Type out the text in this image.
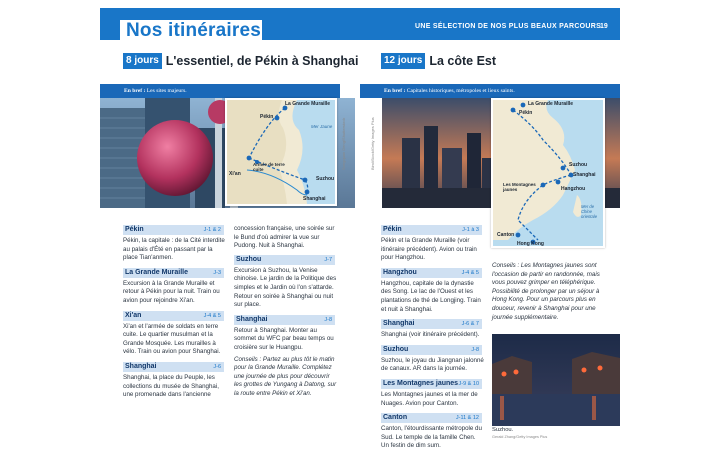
Nos itinéraires	UNE SÉLECTION DE NOS PLUS BEAUX PARCOURS
19
8 jours L'essentiel, de Pékin à Shanghai	12 jours La côte Est
En bref : Les sites majeurs.	En bref : Capitales historiques, métropoles et lieux saints.
La Grande Muraille
Pékin
Xi'an
Armée de terre cuite
Suzhou
Shanghai
Mer Jaune Songquan Deng/Shutterstock	Bim/iStock/Getty Images Plus
Pékin
La Grande Muraille
Suzhou
Shanghai
Hangzhou
Les Montagnes jaunes
Canton
Hong Kong
Mer de Chine orientale
Pékin	J-1 & 2
Pékin, la capitale : de la Cité interdite au palais d'Été en passant par la place Tian'anmen.
La Grande Muraille	J-3
Excursion à la Grande Muraille et retour à Pékin pour la nuit. Train ou avion pour rejoindre Xi'an.
Xi'an	J-4 & 5
Xi'an et l'armée de soldats en terre cuite. Le quartier musulman et la Grande Mosquée. Les murailles à vélo. Train ou avion pour Shanghai.
Shanghai	J-6
Shanghai, la place du Peuple, les collections du musée de Shanghai, une promenade dans l'ancienne
concession française, une soirée sur le Bund d'où admirer la vue sur Pudong. Nuit à Shanghai.
Suzhou	J-7
Excursion à Suzhou, la Venise chinoise. Le jardin de la Politique des simples et le Jardin où l'on s'attarde. Retour en soirée à Shanghai ou nuit sur place.
Shanghai	J-8
Retour à Shanghai. Monter au sommet du WFC par beau temps ou croisière sur le Huangpu.
Conseils : Partez au plus tôt le matin pour la Grande Muraille. Complétez une journée de plus pour découvrir les grottes de Yungang à Datong, sur la route entre Pékin et Xi'an.
Pékin	J-1 à 3
Pékin et la Grande Muraille (voir itinéraire précédent). Avion ou train pour Hangzhou.
Hangzhou	J-4 & 5
Hangzhou, capitale de la dynastie des Song. Le lac de l'Ouest et les plantations de thé de Longjing. Train et nuit à Shanghai.
Shanghai	J-6 & 7
Shanghai (voir itinéraire précédent).
Suzhou	J-8
Suzhou, le joyau du Jiangnan jalonné de canaux. AR dans la journée.
Les Montagnes jaunes J-9 & 10
Les Montagnes jaunes et la mer de Nuages. Avion pour Canton.
Canton	J-11 & 12
Canton, l'étourdissante métropole du Sud. Le temple de la famille Chen. Un festin de dim sum.
Conseils : Les Montagnes jaunes sont l'occasion de partir en randonnée, mais vous pouvez grimper en téléphérique. Possibilité de prolonger par un séjour à Hong Kong. Pour un parcours plus en douceur, revenir à Shanghai pour une journée supplémentaire.
Suzhou.
Gerald Zhang/Getty Images Plus
